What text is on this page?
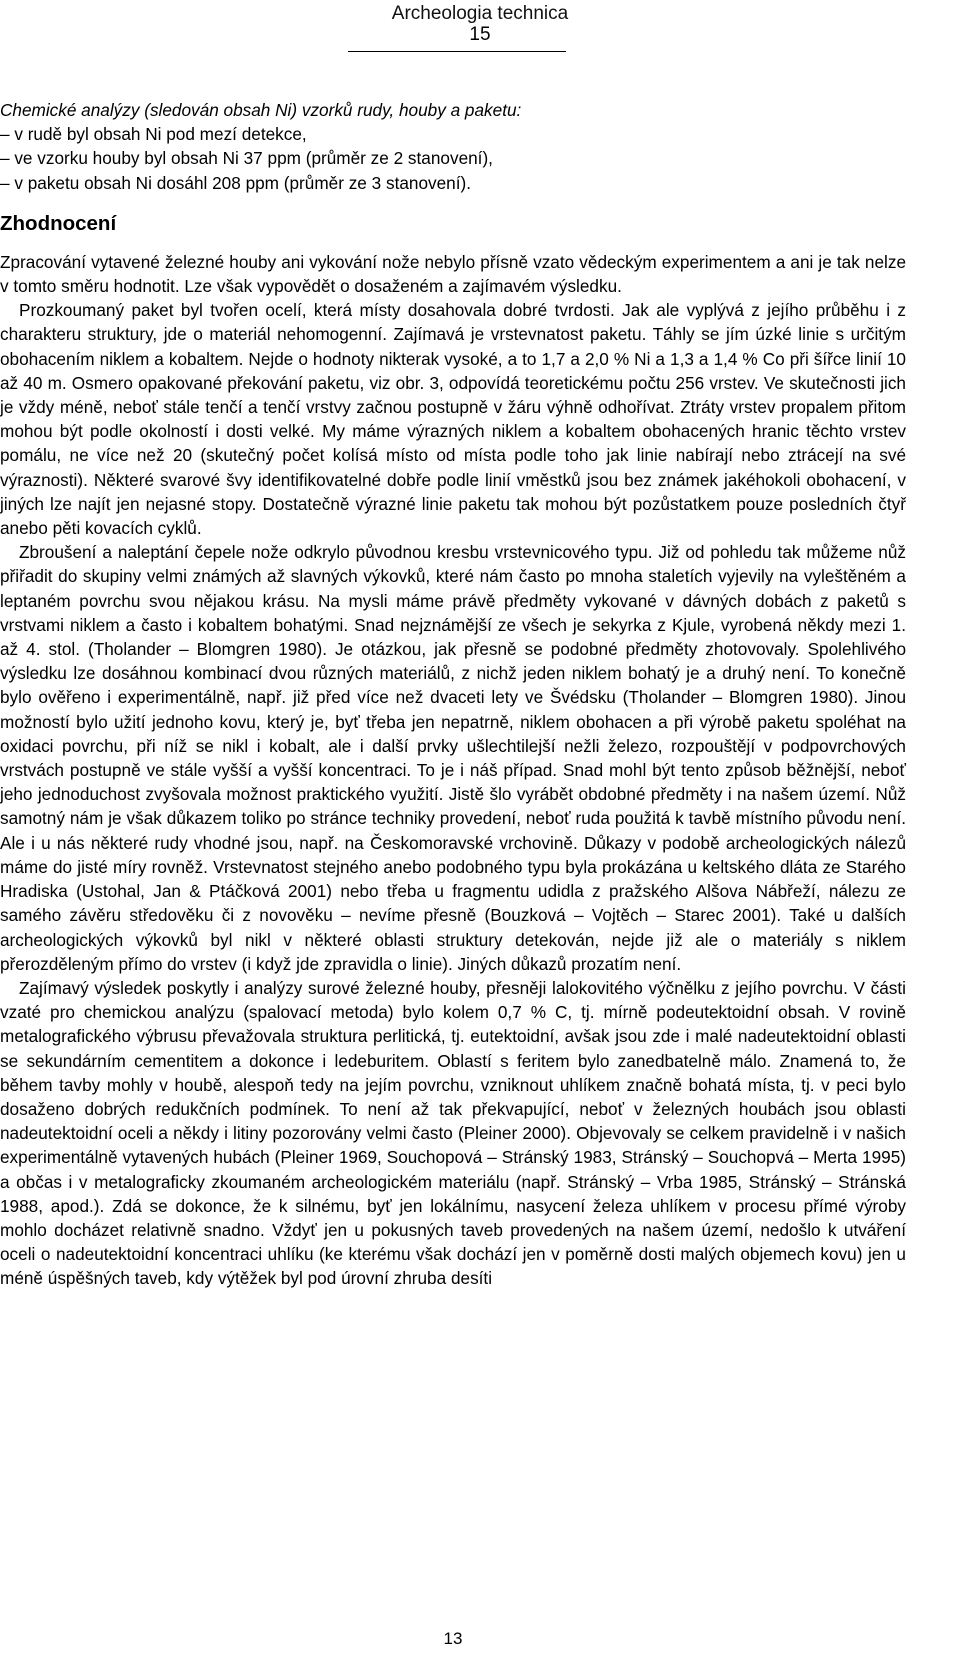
Archeologia technica
15

Chemické analýzy (sledován obsah Ni) vzorků rudy, houby a paketu:

– v rudě byl obsah Ni pod mezí detekce,

– ve vzorku houby byl obsah Ni 37 ppm (průměr ze 2 stanovení),

– v paketu obsah Ni dosáhl 208 ppm (průměr ze 3 stanovení).

Zhodnocení

Zpracování vytavené železné houby ani vykování nože nebylo přísně vzato vědeckým experimentem a ani je tak nelze v tomto směru hodnotit. Lze však vypovědět o dosaženém a zajímavém výsledku.

Prozkoumaný paket byl tvořen ocelí, která místy dosahovala dobré tvrdosti. Jak ale vyplývá z jejího průběhu i z charakteru struktury, jde o materiál nehomogenní. Zajímavá je vrstevnatost paketu. Táhly se jím úzké linie s určitým obohacením niklem a kobaltem. Nejde o hodnoty nikterak vysoké, a to 1,7 a 2,0 % Ni a 1,3 a 1,4 % Co při šířce linií 10 až 40 m. Osmero opakované překování paketu, viz obr. 3, odpovídá teoretickému počtu 256 vrstev. Ve skutečnosti jich je vždy méně, neboť stále tenčí a tenčí vrstvy začnou postupně v žáru výhně odhořívat. Ztráty vrstev propalem přitom mohou být podle okolností i dosti velké. My máme výrazných niklem a kobaltem obohacených hranic těchto vrstev pomálu, ne více než 20 (skutečný počet kolísá místo od místa podle toho jak linie nabírají nebo ztrácejí na své výraznosti). Některé svarové švy identifikovatelné dobře podle linií vměstků jsou bez známek jakéhokoli obohacení, v jiných lze najít jen nejasné stopy. Dostatečně výrazné linie paketu tak mohou být pozůstatkem pouze posledních čtyř anebo pěti kovacích cyklů.

Zbroušení a naleptání čepele nože odkrylo původnou kresbu vrstevnicového typu. Již od pohledu tak můžeme nůž přiřadit do skupiny velmi známých až slavných výkovků, které nám často po mnoha staletích vyjevily na vyleštěném a leptaném povrchu svou nějakou krásu. Na mysli máme právě předměty vykované v dávných dobách z paketů s vrstvami niklem a často i kobaltem bohatými. Snad nejznámější ze všech je sekyrka z Kjule, vyrobená někdy mezi 1. až 4. stol. (Tholander – Blomgren 1980). Je otázkou, jak přesně se podobné předměty zhotovovaly. Spolehlivého výsledku lze dosáhnou kombinací dvou různých materiálů, z nichž jeden niklem bohatý je a druhý není. To konečně bylo ověřeno i experimentálně, např. již před více než dvaceti lety ve Švédsku (Tholander – Blomgren 1980). Jinou možností bylo užití jednoho kovu, který je, byť třeba jen nepatrně, niklem obohacen a při výrobě paketu spoléhat na oxidaci povrchu, při níž se nikl i kobalt, ale i další prvky ušlechtilejší nežli železo, rozpouštějí v podpovrchových vrstvách postupně ve stále vyšší a vyšší koncentraci. To je i náš případ. Snad mohl být tento způsob běžnější, neboť jeho jednoduchost zvyšovala možnost praktického využití. Jistě šlo vyrábět obdobné předměty i na našem území. Nůž samotný nám je však důkazem toliko po stránce techniky provedení, neboť ruda použitá k tavbě místního původu není. Ale i u nás některé rudy vhodné jsou, např. na Českomoravské vrchovině. Důkazy v podobě archeologických nálezů máme do jisté míry rovněž. Vrstevnatost stejného anebo podobného typu byla prokázána u keltského dláta ze Starého Hradiska (Ustohal, Jan & Ptáčková 2001) nebo třeba u fragmentu udidla z pražského Alšova Nábřeží, nálezu ze samého závěru středověku či z novověku – nevíme přesně (Bouzková – Vojtěch – Starec 2001). Také u dalších archeologických výkovků byl nikl v některé oblasti struktury detekován, nejde již ale o materiály s niklem přerozděleným přímo do vrstev (i když jde zpravidla o linie). Jiných důkazů prozatím není.

Zajímavý výsledek poskytly i analýzy surové železné houby, přesněji lalokovitého výčnělku z jejího povrchu. V části vzaté pro chemickou analýzu (spalovací metoda) bylo kolem 0,7 % C, tj. mírně podeutektoidní obsah. V rovině metalografického výbrusu převažovala struktura perlitická, tj. eutektoidní, avšak jsou zde i malé nadeutektoidní oblasti se sekundárním cementitem a dokonce i ledeburitem. Oblastí s feritem bylo zanedbatelně málo. Znamená to, že během tavby mohly v houbě, alespoň tedy na jejím povrchu, vzniknout uhlíkem značně bohatá místa, tj. v peci bylo dosaženo dobrých redukčních podmínek. To není až tak překvapující, neboť v železných houbách jsou oblasti nadeutektoidní oceli a někdy i litiny pozorovány velmi často (Pleiner 2000). Objevovaly se celkem pravidelně i v našich experimentálně vytavených hubách (Pleiner 1969, Souchopová – Stránský 1983, Stránský – Souchopvá – Merta 1995) a občas i v metalograficky zkoumaném archeologickém materiálu (např. Stránský – Vrba 1985, Stránský – Stránská 1988, apod.). Zdá se dokonce, že k silnému, byť jen lokálnímu, nasycení železa uhlíkem v procesu přímé výroby mohlo docházet relativně snadno. Vždyť jen u pokusných taveb provedených na našem území, nedošlo k utváření oceli o nadeutektoidní koncentraci uhlíku (ke kterému však dochází jen v poměrně dosti malých objemech kovu) jen u méně úspěšných taveb, kdy výtěžek byl pod úrovní zhruba desíti

13
